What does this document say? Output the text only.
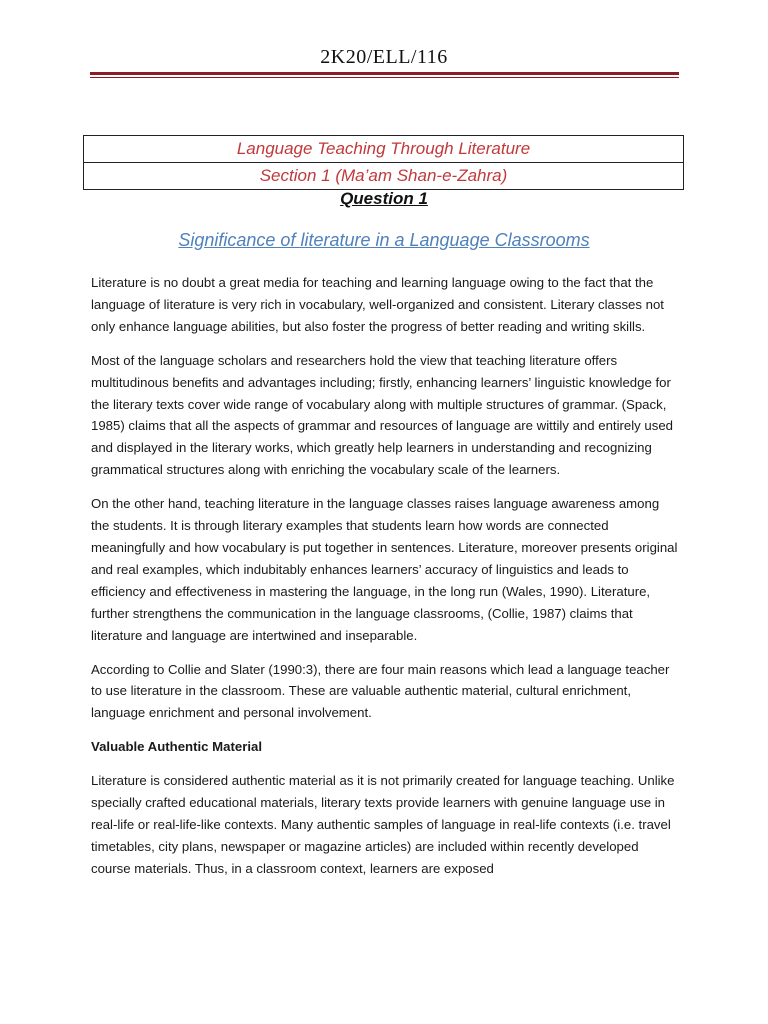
2K20/ELL/116
Language Teaching Through Literature
Section 1 (Ma’am Shan-e-Zahra)
Question 1
Significance of literature in a Language Classrooms

Literature is no doubt a great media for teaching and learning language owing to the fact that the language of literature is very rich in vocabulary, well-organized and consistent. Literary classes not only enhance language abilities, but also foster the progress of better reading and writing skills.

Most of the language scholars and researchers hold the view that teaching literature offers multitudinous benefits and advantages including; firstly, enhancing learners’ linguistic knowledge for the literary texts cover wide range of vocabulary along with multiple structures of grammar. (Spack, 1985) claims that all the aspects of grammar and resources of language are wittily and entirely used and displayed in the literary works, which greatly help learners in understanding and recognizing grammatical structures along with enriching the vocabulary scale of the learners.

On the other hand, teaching literature in the language classes raises language awareness among the students. It is through literary examples that students learn how words are connected meaningfully and how vocabulary is put together in sentences. Literature, moreover presents original and real examples, which indubitably enhances learners’ accuracy of linguistics and leads to efficiency and effectiveness in mastering the language, in the long run (Wales, 1990). Literature, further strengthens the communication in the language classrooms, (Collie, 1987) claims that literature and language are intertwined and inseparable.

According to Collie and Slater (1990:3), there are four main reasons which lead a language teacher to use literature in the classroom. These are valuable authentic material, cultural enrichment, language enrichment and personal involvement.

Valuable Authentic Material

Literature is considered authentic material as it is not primarily created for language teaching. Unlike specially crafted educational materials, literary texts provide learners with genuine language use in real-life or real-life-like contexts. Many authentic samples of language in real-life contexts (i.e. travel timetables, city plans, newspaper or magazine articles) are included within recently developed course materials. Thus, in a classroom context, learners are exposed
